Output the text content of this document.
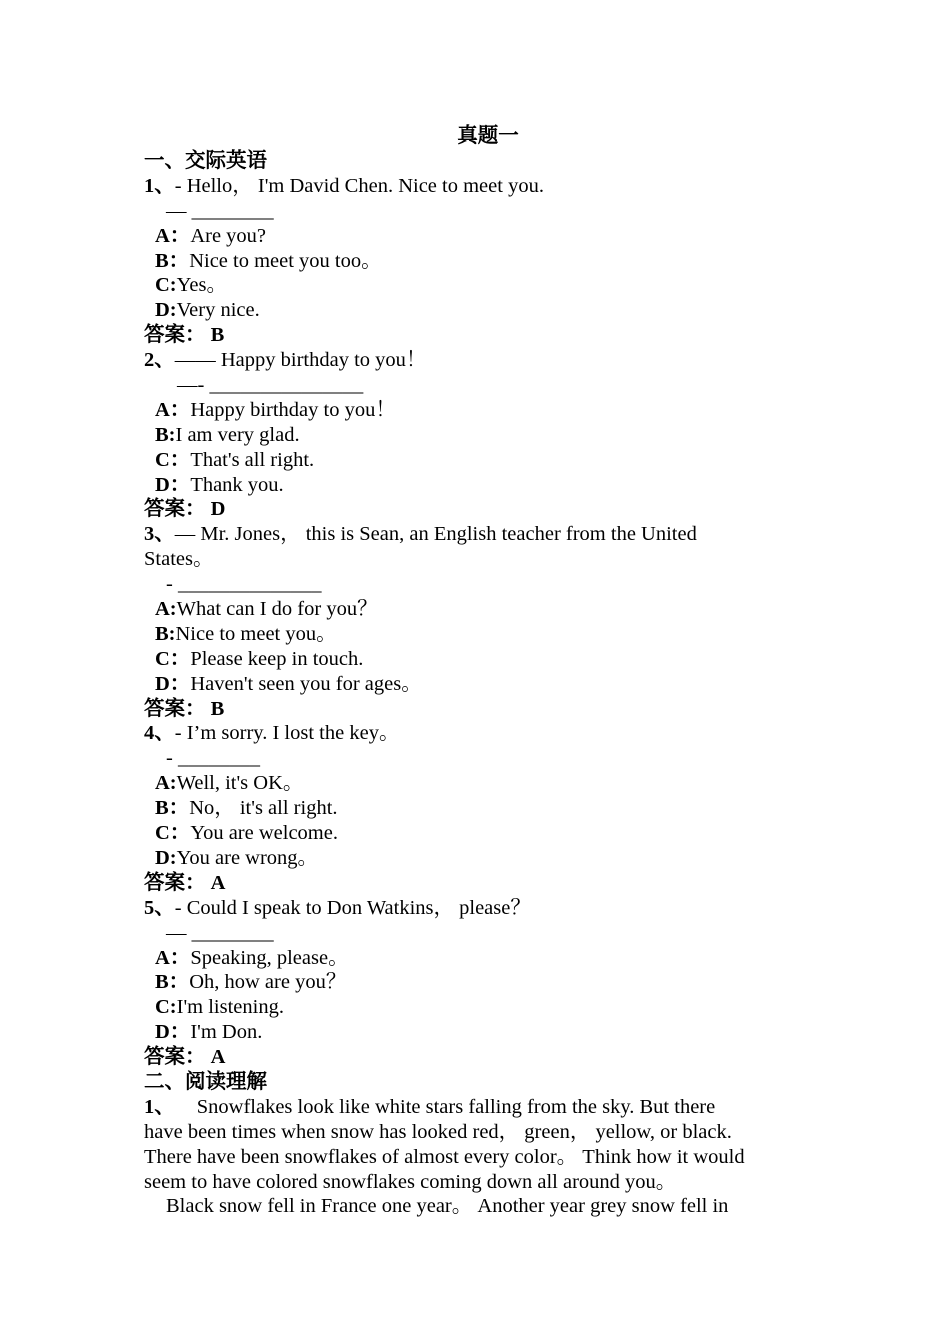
真题一
一、交际英语
1、- Hello， I'm David Chen. Nice to meet you.
— ________
A：Are you?
B：Nice to meet you too。
C:Yes。
D:Very nice.
答案： B
2、—— Happy birthday to you！
—- _______________
A：Happy birthday to you！
B:I am very glad.
C：That's all right.
D：Thank you.
答案： D
3、— Mr. Jones， this is Sean, an English teacher from the United
States。
- ______________
A:What can I do for you？
B:Nice to meet you。
C：Please keep in touch.
D：Haven't seen you for ages。
答案： B
4、- I’m sorry. I lost the key。
- ________
A:Well, it's OK。
B：No， it's all right.
C：You are welcome.
D:You are wrong。
答案： A
5、- Could I speak to Don Watkins， please？
— ________
A：Speaking, please。
B：Oh, how are you？
C:I'm listening.
D：I'm Don.
答案： A
二、阅读理解
1、 Snowflakes look like white stars falling from the sky. But there
have been times when snow has looked red， green， yellow, or black.
There have been snowflakes of almost every color。 Think how it would
seem to have colored snowflakes coming down all around you。
Black snow fell in France one year。 Another year grey snow fell in
